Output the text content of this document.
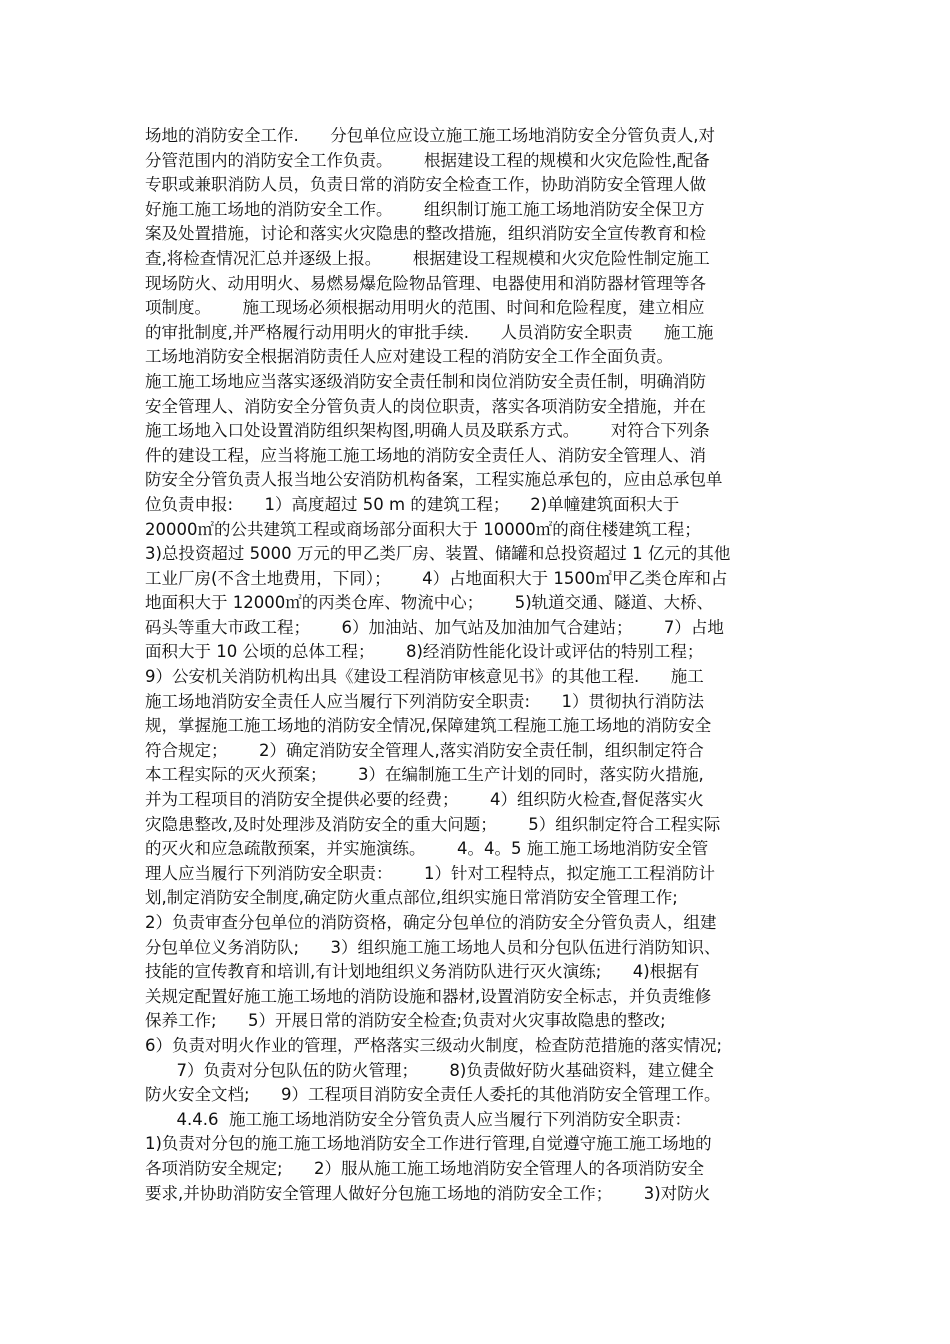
场地的消防安全工作.      分包单位应设立施工施工场地消防安全分管负责人,对
分管范围内的消防安全工作负责。      根据建设工程的规模和火灾危险性,配备
专职或兼职消防人员，负责日常的消防安全检查工作，协助消防安全管理人做
好施工施工场地的消防安全工作。      组织制订施工施工场地消防安全保卫方
案及处置措施，讨论和落实火灾隐患的整改措施，组织消防安全宣传教育和检
查,将检查情况汇总并逐级上报。      根据建设工程规模和火灾危险性制定施工
现场防火、动用明火、易燃易爆危险物品管理、电器使用和消防器材管理等各
项制度。      施工现场必须根据动用明火的范围、时间和危险程度，建立相应
的审批制度,并严格履行动用明火的审批手续.      人员消防安全职责      施工施
工场地消防安全根据消防责任人应对建设工程的消防安全工作全面负责。
施工施工场地应当落实逐级消防安全责任制和岗位消防安全责任制，明确消防
安全管理人、消防安全分管负责人的岗位职责，落实各项消防安全措施，并在
施工场地入口处设置消防组织架构图,明确人员及联系方式。      对符合下列条
件的建设工程，应当将施工施工场地的消防安全责任人、消防安全管理人、消
防安全分管负责人报当地公安消防机构备案，工程实施总承包的，应由总承包单
位负责申报:      1）高度超过 50 m 的建筑工程；    2)单幢建筑面积大于
20000㎡的公共建筑工程或商场部分面积大于 10000㎡的商住楼建筑工程；
3)总投资超过 5000 万元的甲乙类厂房、装置、储罐和总投资超过 1 亿元的其他
工业厂房(不含土地费用，下同）；      4）占地面积大于 1500㎡甲乙类仓库和占
地面积大于 12000㎡的丙类仓库、物流中心；      5)轨道交通、隧道、大桥、
码头等重大市政工程；      6）加油站、加气站及加油加气合建站；      7）占地
面积大于 10 公顷的总体工程；      8)经消防性能化设计或评估的特别工程；
9）公安机关消防机构出具《建设工程消防审核意见书》的其他工程.      施工
施工场地消防安全责任人应当履行下列消防安全职责:      1）贯彻执行消防法
规，掌握施工施工场地的消防安全情况,保障建筑工程施工施工场地的消防安全
符合规定；      2）确定消防安全管理人,落实消防安全责任制，组织制定符合
本工程实际的灭火预案；      3）在编制施工生产计划的同时，落实防火措施,
并为工程项目的消防安全提供必要的经费；      4）组织防火检查,督促落实火
灾隐患整改,及时处理涉及消防安全的重大问题；      5）组织制定符合工程实际
的灭火和应急疏散预案，并实施演练。      4。4。5 施工施工场地消防安全管
理人应当履行下列消防安全职责：      1）针对工程特点，拟定施工工程消防计
划,制定消防安全制度,确定防火重点部位,组织实施日常消防安全管理工作;
2）负责审查分包单位的消防资格，确定分包单位的消防安全分管负责人，组建
分包单位义务消防队;      3）组织施工施工场地人员和分包队伍进行消防知识、
技能的宣传教育和培训,有计划地组织义务消防队进行灭火演练;      4)根据有
关规定配置好施工施工场地的消防设施和器材,设置消防安全标志，并负责维修
保养工作;      5）开展日常的消防安全检查;负责对火灾事故隐患的整改;
6）负责对明火作业的管理，严格落实三级动火制度，检查防范措施的落实情况;
7）负责对分包队伍的防火管理；      8)负责做好防火基础资料，建立健全
防火安全文档;      9）工程项目消防安全责任人委托的其他消防安全管理工作。
4.4.6  施工施工场地消防安全分管负责人应当履行下列消防安全职责：
1)负责对分包的施工施工场地消防安全工作进行管理,自觉遵守施工施工场地的
各项消防安全规定;      2）服从施工施工场地消防安全管理人的各项消防安全
要求,并协助消防安全管理人做好分包施工场地的消防安全工作；      3)对防火
